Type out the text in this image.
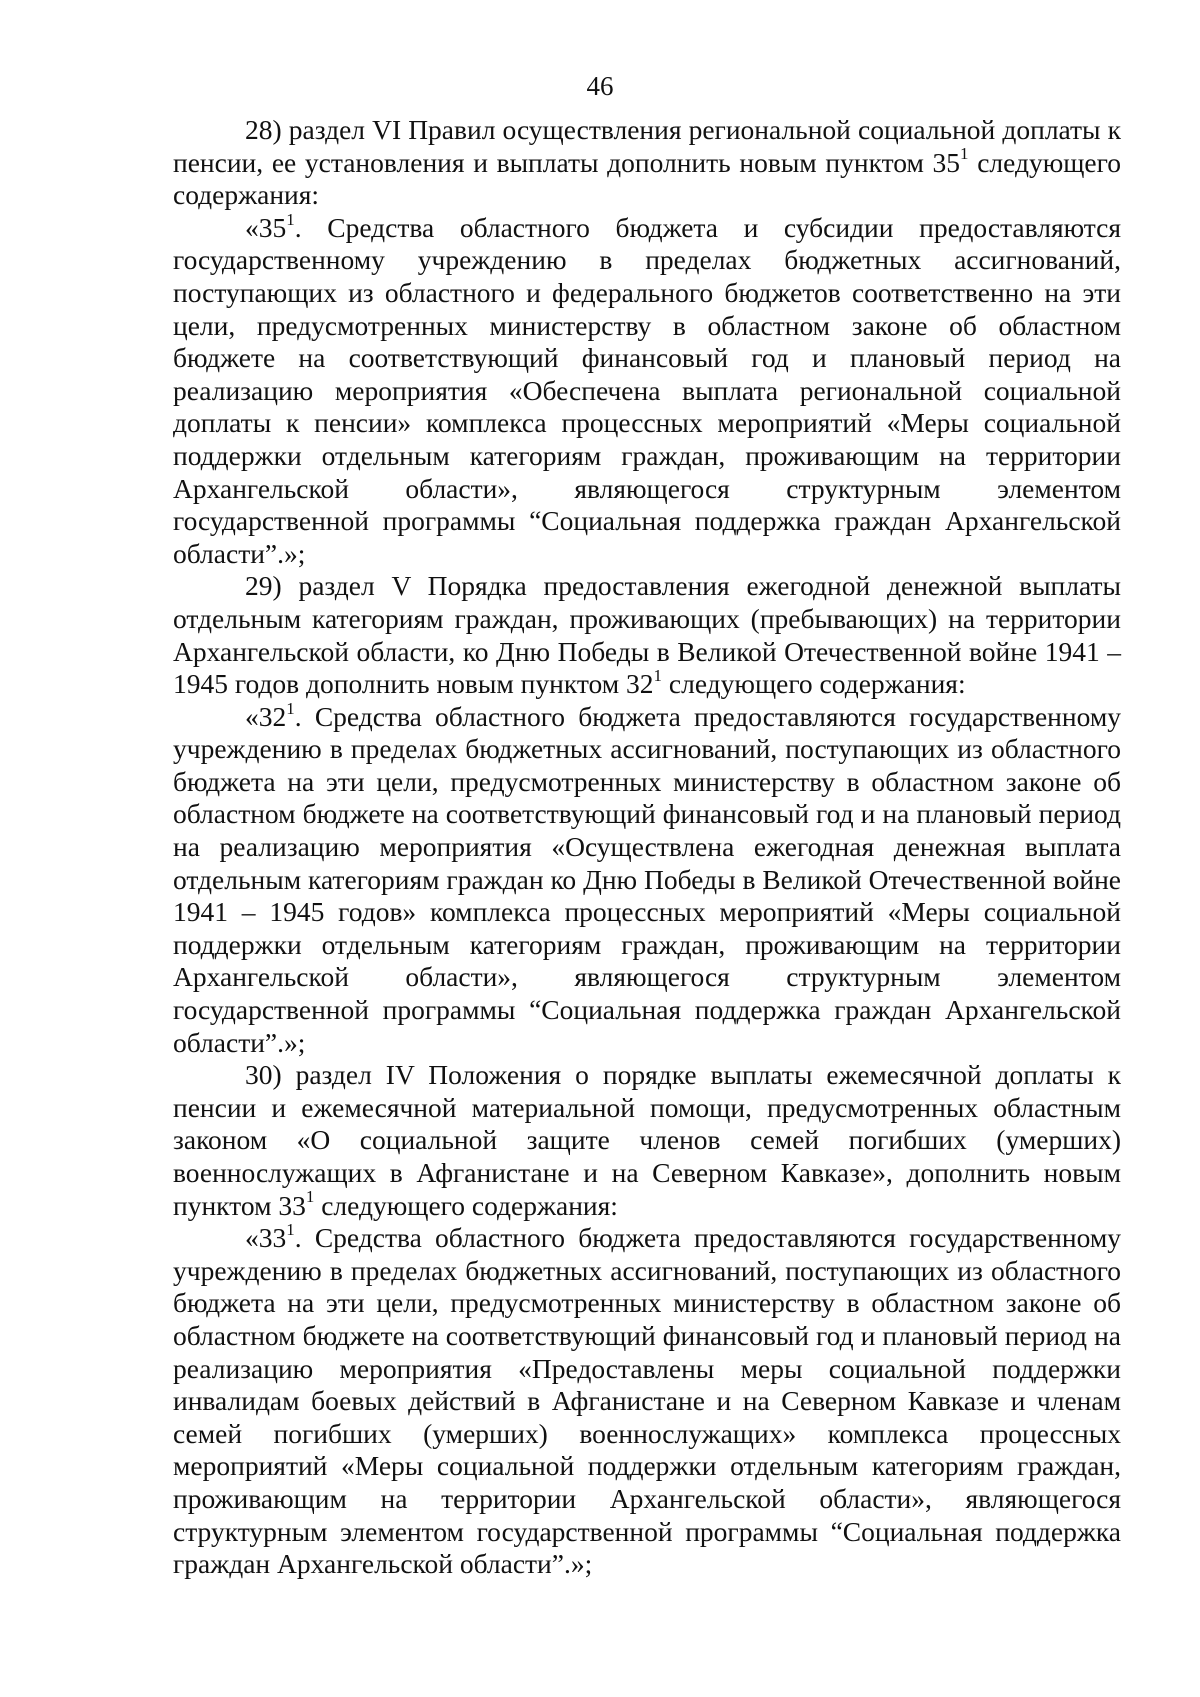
46

28) раздел VI Правил осуществления региональной социальной доплаты к пенсии, ее установления и выплаты дополнить новым пунктом $35^1$ следующего содержания:

«$35^1$. Средства областного бюджета и субсидии предоставляются государственному учреждению в пределах бюджетных ассигнований, поступающих из областного и федерального бюджетов соответственно на эти цели, предусмотренных министерству в областном законе об областном бюджете на соответствующий финансовый год и плановый период на реализацию мероприятия «Обеспечена выплата региональной социальной доплаты к пенсии» комплекса процессных мероприятий «Меры социальной поддержки отдельным категориям граждан, проживающим на территории Архангельской области», являющегося структурным элементом государственной программы “Социальная поддержка граждан Архангельской области”.»;

29) раздел V Порядка предоставления ежегодной денежной выплаты отдельным категориям граждан, проживающих (пребывающих) на территории Архангельской области, ко Дню Победы в Великой Отечественной войне 1941 – 1945 годов дополнить новым пунктом $32^1$ следующего содержания:

«$32^1$. Средства областного бюджета предоставляются государственному учреждению в пределах бюджетных ассигнований, поступающих из областного бюджета на эти цели, предусмотренных министерству в областном законе об областном бюджете на соответствующий финансовый год и на плановый период на реализацию мероприятия «Осуществлена ежегодная денежная выплата отдельным категориям граждан ко Дню Победы в Великой Отечественной войне 1941 – 1945 годов» комплекса процессных мероприятий «Меры социальной поддержки отдельным категориям граждан, проживающим на территории Архангельской области», являющегося структурным элементом государственной программы “Социальная поддержка граждан Архангельской области”.»;

30) раздел IV Положения о порядке выплаты ежемесячной доплаты к пенсии и ежемесячной материальной помощи, предусмотренных областным законом «О социальной защите членов семей погибших (умерших) военнослужащих в Афганистане и на Северном Кавказе», дополнить новым пунктом $33^1$ следующего содержания:

«$33^1$. Средства областного бюджета предоставляются государственному учреждению в пределах бюджетных ассигнований, поступающих из областного бюджета на эти цели, предусмотренных министерству в областном законе об областном бюджете на соответствующий финансовый год и плановый период на реализацию мероприятия «Предоставлены меры социальной поддержки инвалидам боевых действий в Афганистане и на Северном Кавказе и членам семей погибших (умерших) военнослужащих» комплекса процессных мероприятий «Меры социальной поддержки отдельным категориям граждан, проживающим на территории Архангельской области», являющегося структурным элементом государственной программы “Социальная поддержка граждан Архангельской области”.»;
